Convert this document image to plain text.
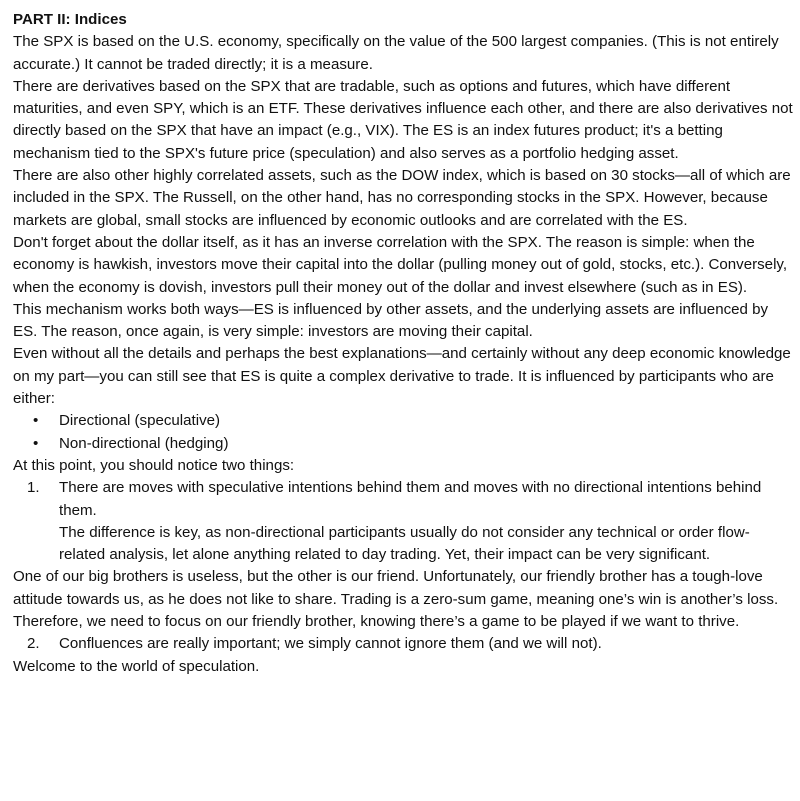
PART II: Indices

The SPX is based on the U.S. economy, specifically on the value of the 500 largest companies. (This is not entirely accurate.) It cannot be traded directly; it is a measure.

There are derivatives based on the SPX that are tradable, such as options and futures, which have different maturities, and even SPY, which is an ETF. These derivatives influence each other, and there are also derivatives not directly based on the SPX that have an impact (e.g., VIX). The ES is an index futures product; it's a betting mechanism tied to the SPX's future price (speculation) and also serves as a portfolio hedging asset.

There are also other highly correlated assets, such as the DOW index, which is based on 30 stocks—all of which are included in the SPX. The Russell, on the other hand, has no corresponding stocks in the SPX. However, because markets are global, small stocks are influenced by economic outlooks and are correlated with the ES.

Don't forget about the dollar itself, as it has an inverse correlation with the SPX. The reason is simple: when the economy is hawkish, investors move their capital into the dollar (pulling money out of gold, stocks, etc.). Conversely, when the economy is dovish, investors pull their money out of the dollar and invest elsewhere (such as in ES).

This mechanism works both ways—ES is influenced by other assets, and the underlying assets are influenced by ES. The reason, once again, is very simple: investors are moving their capital.

Even without all the details and perhaps the best explanations—and certainly without any deep economic knowledge on my part—you can still see that ES is quite a complex derivative to trade. It is influenced by participants who are either:

• Directional (speculative)
• Non-directional (hedging)

At this point, you should notice two things:

1. There are moves with speculative intentions behind them and moves with no directional intentions behind them.
The difference is key, as non-directional participants usually do not consider any technical or order flow-related analysis, let alone anything related to day trading. Yet, their impact can be very significant.

One of our big brothers is useless, but the other is our friend. Unfortunately, our friendly brother has a tough-love attitude towards us, as he does not like to share. Trading is a zero-sum game, meaning one’s win is another’s loss. Therefore, we need to focus on our friendly brother, knowing there’s a game to be played if we want to thrive.

2. Confluences are really important; we simply cannot ignore them (and we will not).

Welcome to the world of speculation.
